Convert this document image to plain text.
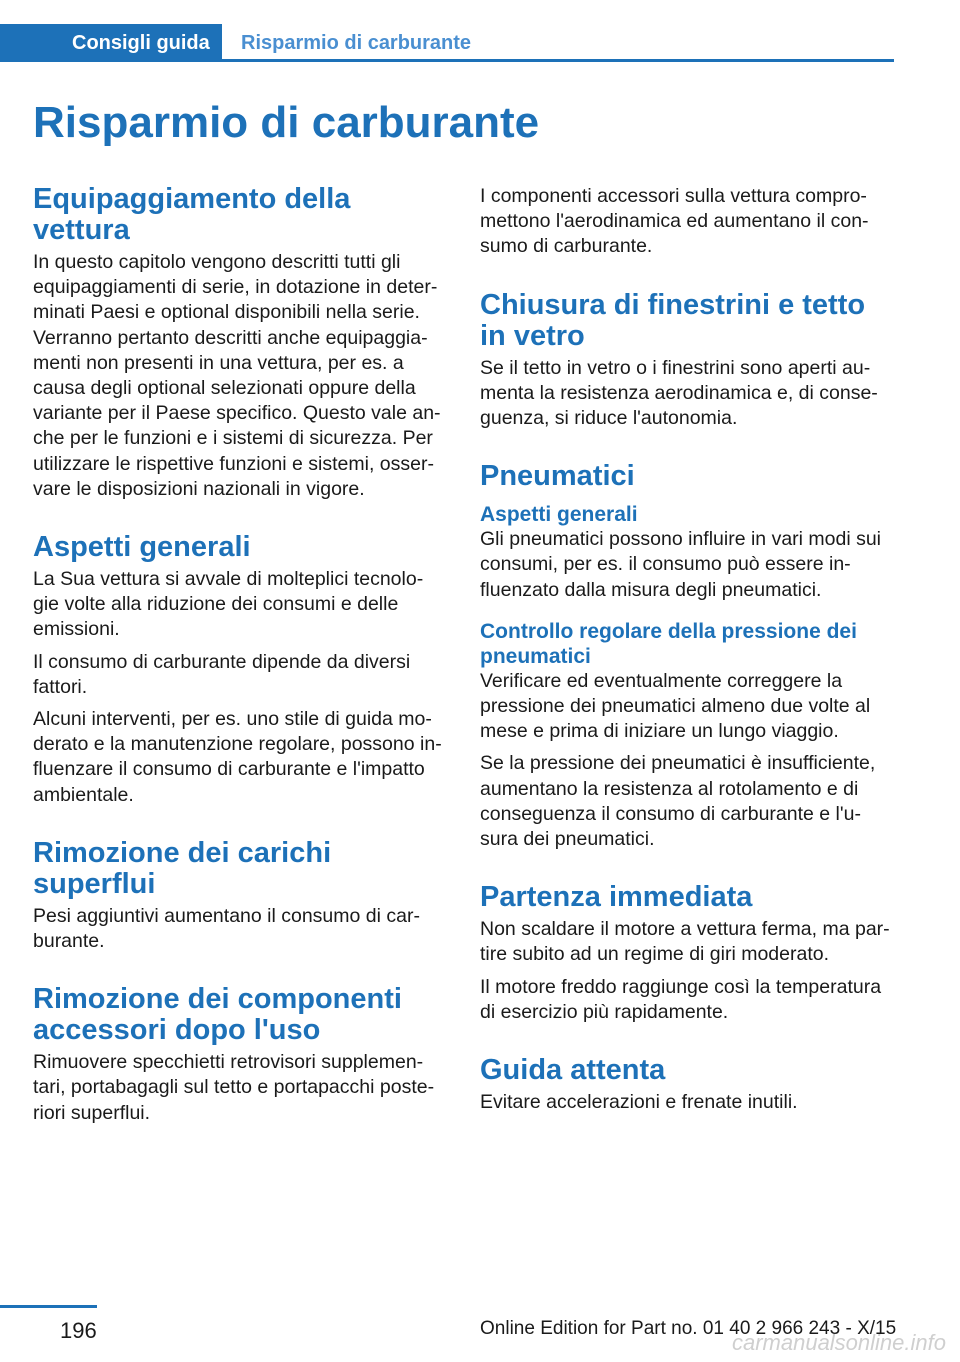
Consigli guida	Risparmio di carburante
Risparmio di carburante
Equipaggiamento della vettura

In questo capitolo vengono descritti tutti gli equipaggiamenti di serie, in dotazione in deter‐minati Paesi e optional disponibili nella serie. Verranno pertanto descritti anche equipaggia‐menti non presenti in una vettura, per es. a causa degli optional selezionati oppure della variante per il Paese specifico. Questo vale an‐che per le funzioni e i sistemi di sicurezza. Per utilizzare le rispettive funzioni e sistemi, osser‐vare le disposizioni nazionali in vigore.

Aspetti generali

La Sua vettura si avvale di molteplici tecnolo‐gie volte alla riduzione dei consumi e delle emissioni.

Il consumo di carburante dipende da diversi fattori.

Alcuni interventi, per es. uno stile di guida mo‐derato e la manutenzione regolare, possono in‐fluenzare il consumo di carburante e l'impatto ambientale.

Rimozione dei carichi superflui

Pesi aggiuntivi aumentano il consumo di car‐burante.

Rimozione dei componenti accessori dopo l'uso

Rimuovere specchietti retrovisori supplemen‐tari, portabagagli sul tetto e portapacchi poste‐riori superflui.

I componenti accessori sulla vettura compro‐mettono l'aerodinamica ed aumentano il con‐sumo di carburante.

Chiusura di finestrini e tetto in vetro

Se il tetto in vetro o i finestrini sono aperti au‐menta la resistenza aerodinamica e, di conse‐guenza, si riduce l'autonomia.

Pneumatici
Aspetti generali

Gli pneumatici possono influire in vari modi sui consumi, per es. il consumo può essere in‐fluenzato dalla misura degli pneumatici.

Controllo regolare della pressione dei pneumatici

Verificare ed eventualmente correggere la pressione dei pneumatici almeno due volte al mese e prima di iniziare un lungo viaggio.

Se la pressione dei pneumatici è insufficiente, aumentano la resistenza al rotolamento e di conseguenza il consumo di carburante e l'u‐sura dei pneumatici.

Partenza immediata

Non scaldare il motore a vettura ferma, ma par‐tire subito ad un regime di giri moderato.

Il motore freddo raggiunge così la temperatura di esercizio più rapidamente.

Guida attenta

Evitare accelerazioni e frenate inutili.

196	Online Edition for Part no. 01 40 2 966 243 - X/15
carmanualsonline.info
